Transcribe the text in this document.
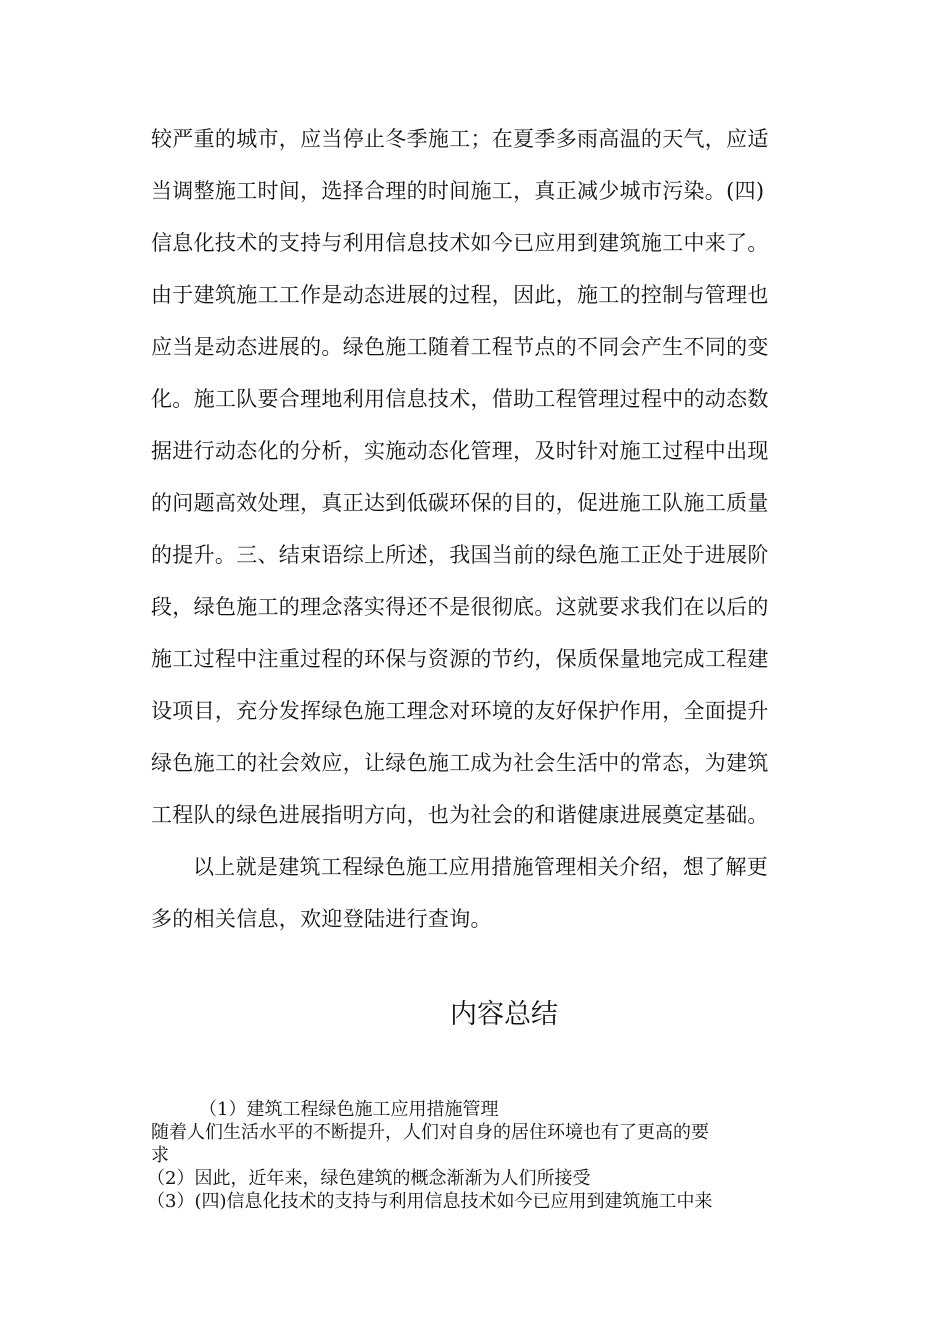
较严重的城市，应当停止冬季施工；在夏季多雨高温的天气，应适
当调整施工时间，选择合理的时间施工，真正减少城市污染。(四)
信息化技术的支持与利用信息技术如今已应用到建筑施工中来了。
由于建筑施工工作是动态进展的过程，因此，施工的控制与管理也
应当是动态进展的。绿色施工随着工程节点的不同会产生不同的变
化。施工队要合理地利用信息技术，借助工程管理过程中的动态数
据进行动态化的分析，实施动态化管理，及时针对施工过程中出现
的问题高效处理，真正达到低碳环保的目的，促进施工队施工质量
的提升。三、结束语综上所述，我国当前的绿色施工正处于进展阶
段，绿色施工的理念落实得还不是很彻底。这就要求我们在以后的
施工过程中注重过程的环保与资源的节约，保质保量地完成工程建
设项目，充分发挥绿色施工理念对环境的友好保护作用，全面提升
绿色施工的社会效应，让绿色施工成为社会生活中的常态，为建筑
工程队的绿色进展指明方向，也为社会的和谐健康进展奠定基础。
以上就是建筑工程绿色施工应用措施管理相关介绍，想了解更
多的相关信息，欢迎登陆进行查询。
内容总结
（1）建筑工程绿色施工应用措施管理
随着人们生活水平的不断提升，人们对自身的居住环境也有了更高的要
求
（2）因此，近年来，绿色建筑的概念渐渐为人们所接受
（3）(四)信息化技术的支持与利用信息技术如今已应用到建筑施工中来
